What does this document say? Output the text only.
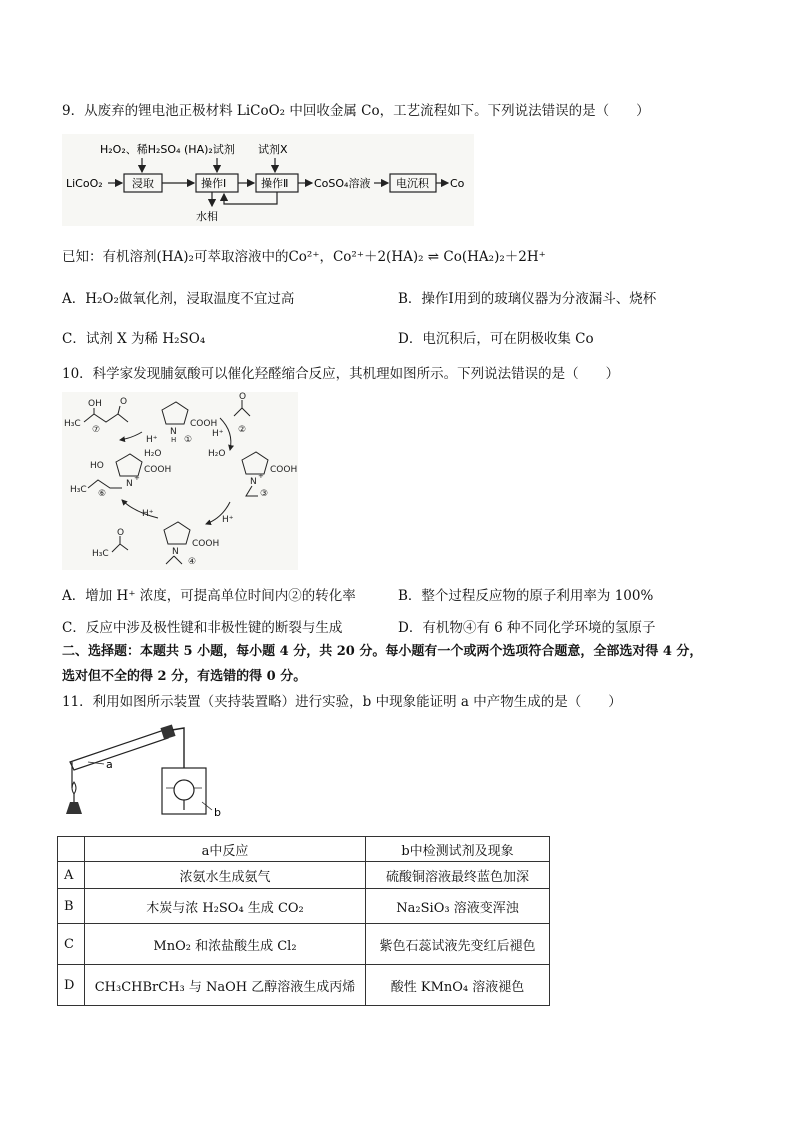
9．从废弃的锂电池正极材料 LiCoO₂ 中回收金属 Co，工艺流程如下。下列说法错误的是（　　）
H₂O₂、稀H₂SO₄ (HA)₂试剂 试剂X
LiCoO₂	浸取	操作Ⅰ	操作Ⅱ CoSO₄溶液 电沉积 Co
水相
已知：有机溶剂(HA)₂可萃取溶液中的Co²⁺，Co²⁺＋2(HA)₂ ⇌ Co(HA₂)₂＋2H⁺
A．H₂O₂做氧化剂，浸取温度不宜过高	B．操作Ⅰ用到的玻璃仪器为分液漏斗、烧杯
C．试剂 X 为稀 H₂SO₄	D．电沉积后，可在阴极收集 Co
10．科学家发现脯氨酸可以催化羟醛缩合反应，其机理如图所示。下列说法错误的是（　　）
OH O
H₃C
⑦	N
H
COOH
①
O
②
H⁺
H₂O
H⁺
H₂O
N
+
COOH
③
HO
N
+
COOH
H₃C ⑥
H⁺
H⁺
N
COOH
④
H₃C
O
A．增加 H⁺ 浓度，可提高单位时间内②的转化率	B．整个过程反应物的原子利用率为 100%
C．反应中涉及极性键和非极性键的断裂与生成	D．有机物④有 6 种不同化学环境的氢原子
二、选择题：本题共 5 小题，每小题 4 分，共 20 分。每小题有一个或两个选项符合题意，全部选对得 4 分，
选对但不全的得 2 分，有选错的得 0 分。
11．利用如图所示装置（夹持装置略）进行实验，b 中现象能证明 a 中产物生成的是（　　）
a
b
	a中反应	b中检测试剂及现象
A	浓氨水生成氨气	硫酸铜溶液最终蓝色加深
B	木炭与浓 H₂SO₄ 生成 CO₂	Na₂SiO₃ 溶液变浑浊
C	MnO₂ 和浓盐酸生成 Cl₂	紫色石蕊试液先变红后褪色
D	CH₃CHBrCH₃ 与 NaOH 乙醇溶液生成丙烯	酸性 KMnO₄ 溶液褪色
